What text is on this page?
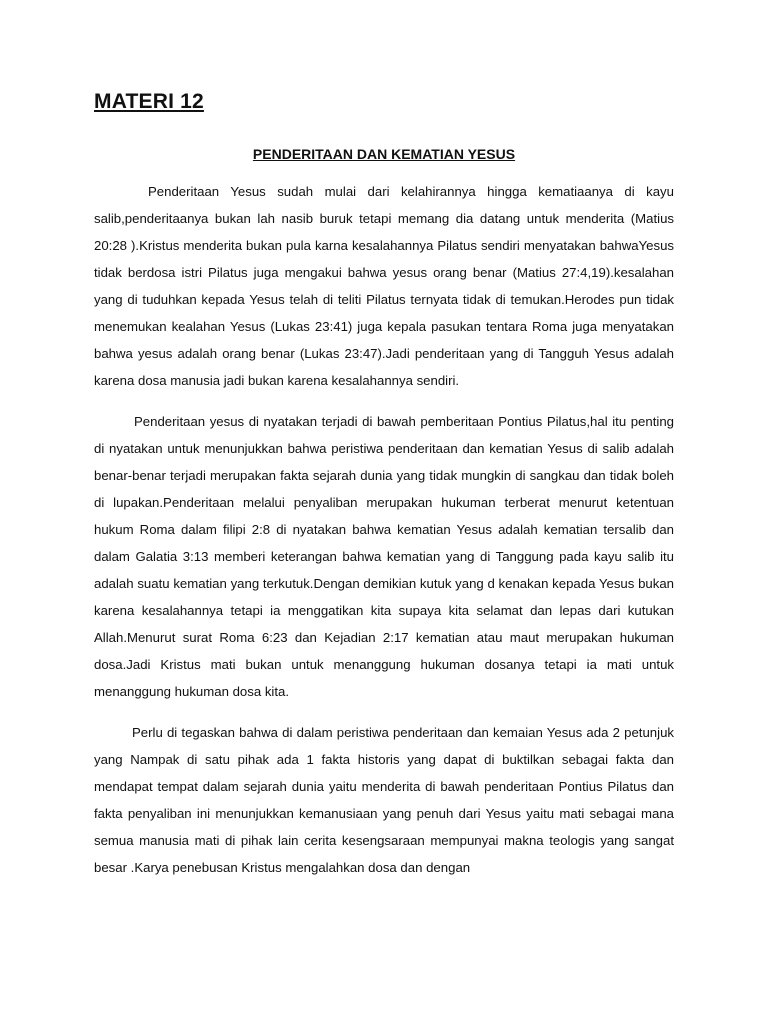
MATERI 12
PENDERITAAN DAN KEMATIAN YESUS

Penderitaan Yesus sudah mulai dari kelahirannya hingga kematiaanya di kayu salib,penderitaanya bukan lah nasib buruk tetapi memang dia datang untuk menderita (Matius 20:28 ).Kristus menderita bukan pula karna kesalahannya Pilatus sendiri menyatakan bahwaYesus tidak berdosa istri Pilatus juga mengakui bahwa yesus orang benar (Matius 27:4,19).kesalahan yang di tuduhkan kepada Yesus telah di teliti Pilatus ternyata tidak di temukan.Herodes pun tidak menemukan kealahan Yesus (Lukas 23:41) juga kepala pasukan tentara Roma juga menyatakan bahwa yesus adalah orang benar (Lukas 23:47).Jadi penderitaan yang di Tangguh Yesus adalah karena dosa manusia jadi bukan karena kesalahannya sendiri.

Penderitaan yesus di nyatakan terjadi di bawah pemberitaan Pontius Pilatus,hal itu penting di nyatakan untuk menunjukkan bahwa peristiwa penderitaan dan kematian Yesus di salib adalah benar-benar terjadi merupakan fakta sejarah dunia yang tidak mungkin di sangkau dan tidak boleh di lupakan.Penderitaan melalui penyaliban merupakan hukuman terberat menurut ketentuan hukum Roma dalam filipi 2:8 di nyatakan bahwa kematian Yesus adalah kematian tersalib dan dalam Galatia 3:13 memberi keterangan bahwa kematian yang di Tanggung pada kayu salib itu adalah suatu kematian yang terkutuk.Dengan demikian kutuk yang d kenakan kepada Yesus bukan karena kesalahannya tetapi ia menggatikan kita supaya kita selamat dan lepas dari kutukan Allah.Menurut surat Roma 6:23 dan Kejadian 2:17 kematian atau maut merupakan hukuman dosa.Jadi Kristus mati bukan untuk menanggung hukuman dosanya tetapi ia mati untuk menanggung hukuman dosa kita.

Perlu di tegaskan bahwa di dalam peristiwa penderitaan dan kemaian Yesus ada 2 petunjuk yang Nampak di satu pihak ada 1 fakta historis yang dapat di buktilkan sebagai fakta dan mendapat tempat dalam sejarah dunia yaitu menderita di bawah penderitaan Pontius Pilatus dan fakta penyaliban ini menunjukkan kemanusiaan yang penuh dari Yesus yaitu mati sebagai mana semua manusia mati di pihak lain cerita kesengsaraan mempunyai makna teologis yang sangat besar .Karya penebusan Kristus mengalahkan dosa dan dengan
